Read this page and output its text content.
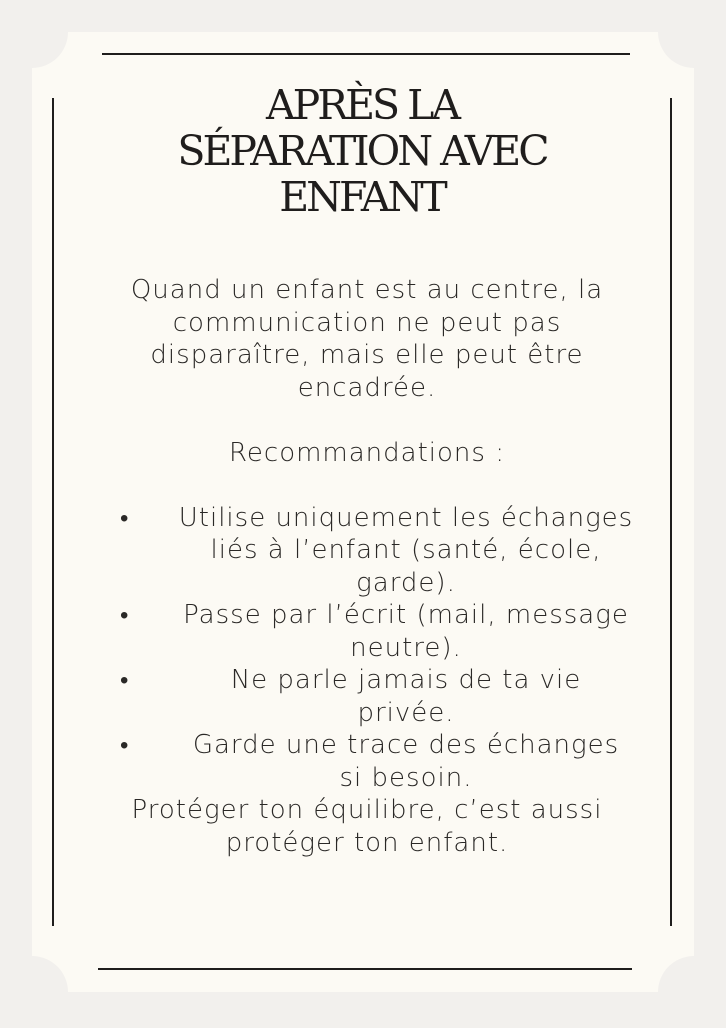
APRÈS LA
SÉPARATION AVEC
ENFANT

Quand un enfant est au centre, la communication ne peut pas disparaître, mais elle peut être encadrée.

Recommandations :

• Utilise uniquement les échanges liés à l’enfant (santé, école, garde).
• Passe par l’écrit (mail, message neutre).
•	Ne parle jamais de ta vie privée.
• Garde une trace des échanges si besoin.

Protéger ton équilibre, c’est aussi protéger ton enfant.
